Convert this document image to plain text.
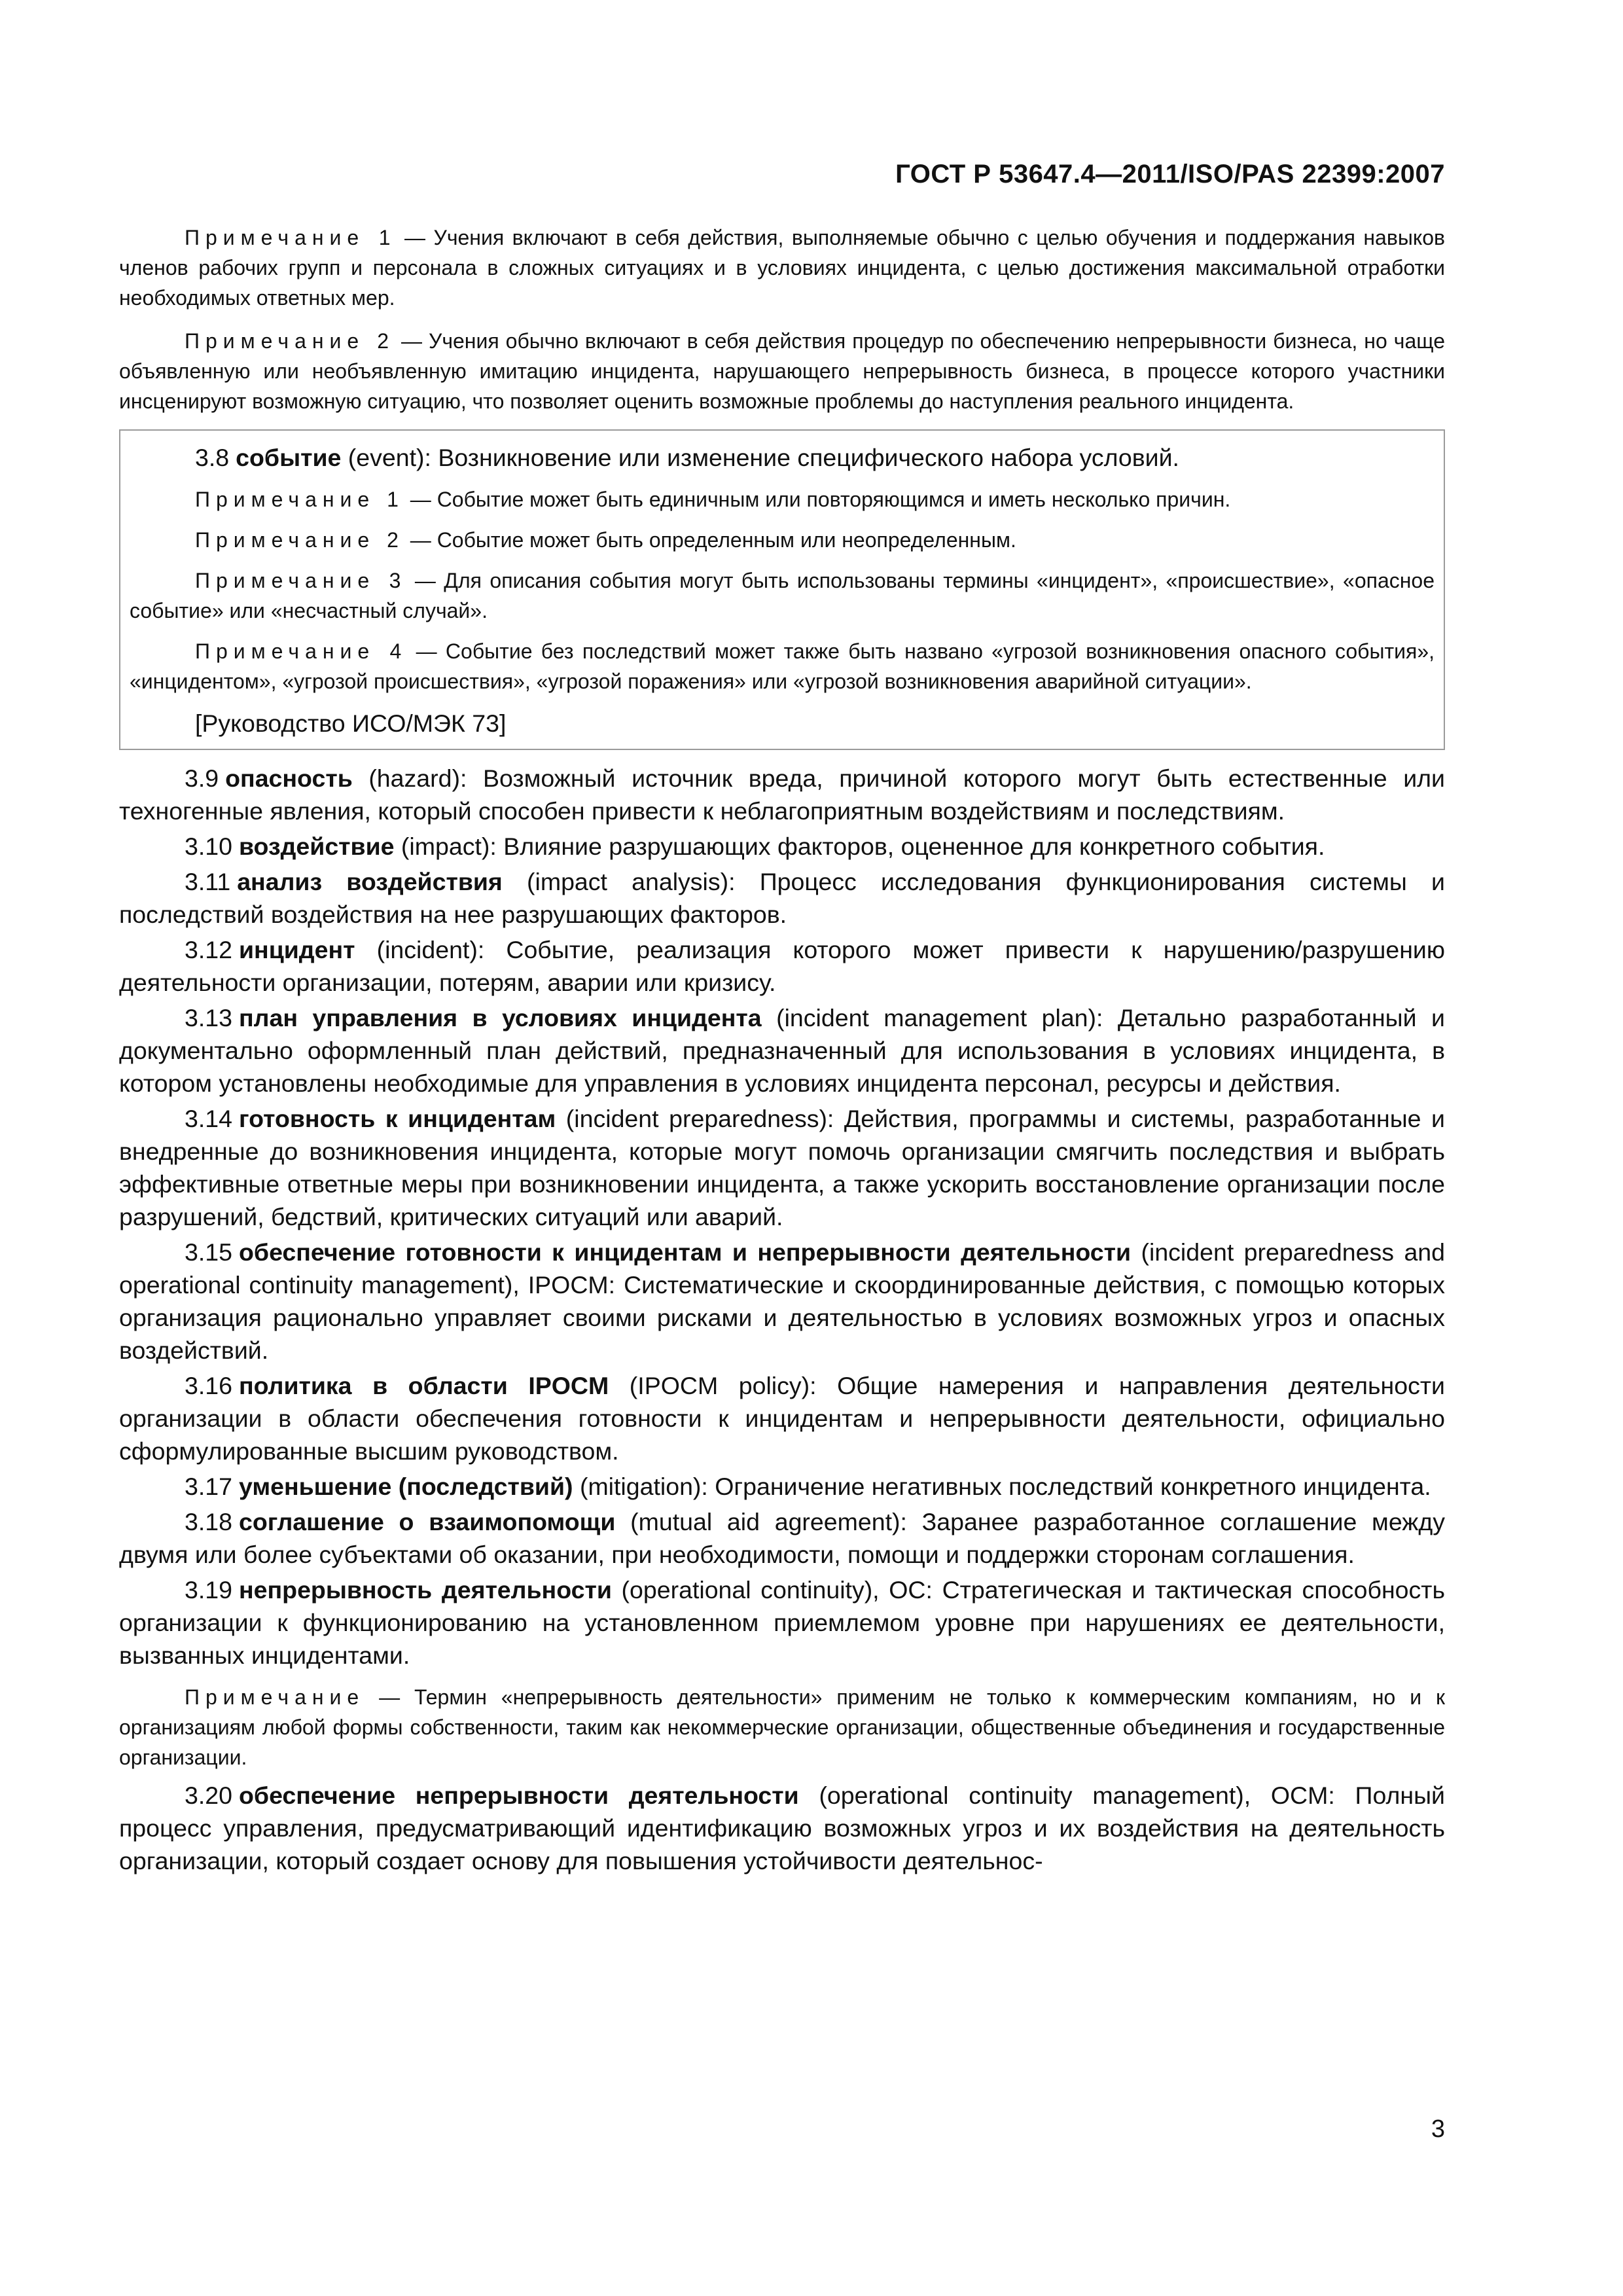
ГОСТ Р 53647.4—2011/ISO/PAS 22399:2007

Примечание 1 — Учения включают в себя действия, выполняемые обычно с целью обучения и поддержания навыков членов рабочих групп и персонала в сложных ситуациях и в условиях инцидента, с целью достижения максимальной отработки необходимых ответных мер.

Примечание 2 — Учения обычно включают в себя действия процедур по обеспечению непрерывности бизнеса, но чаще объявленную или необъявленную имитацию инцидента, нарушающего непрерывность бизнеса, в процессе которого участники инсценируют возможную ситуацию, что позволяет оценить возможные проблемы до наступления реального инцидента.

3.8 событие (event): Возникновение или изменение специфического набора условий.

Примечание 1 — Событие может быть единичным или повторяющимся и иметь несколько причин.

Примечание 2 — Событие может быть определенным или неопределенным.

Примечание 3 — Для описания события могут быть использованы термины «инцидент», «происшествие», «опасное событие» или «несчастный случай».

Примечание 4 — Событие без последствий может также быть названо «угрозой возникновения опасного события», «инцидентом», «угрозой происшествия», «угрозой поражения» или «угрозой возникновения аварийной ситуации».

[Руководство ИСО/МЭК 73]

3.9 опасность (hazard): Возможный источник вреда, причиной которого могут быть естественные или техногенные явления, который способен привести к неблагоприятным воздействиям и последствиям.

3.10 воздействие (impact): Влияние разрушающих факторов, оцененное для конкретного события.

3.11 анализ воздействия (impact analysis): Процесс исследования функционирования системы и последствий воздействия на нее разрушающих факторов.

3.12 инцидент (incident): Событие, реализация которого может привести к нарушению/разрушению деятельности организации, потерям, аварии или кризису.

3.13 план управления в условиях инцидента (incident management plan): Детально разработанный и документально оформленный план действий, предназначенный для использования в условиях инцидента, в котором установлены необходимые для управления в условиях инцидента персонал, ресурсы и действия.

3.14 готовность к инцидентам (incident preparedness): Действия, программы и системы, разработанные и внедренные до возникновения инцидента, которые могут помочь организации смягчить последствия и выбрать эффективные ответные меры при возникновении инцидента, а также ускорить восстановление организации после разрушений, бедствий, критических ситуаций или аварий.

3.15 обеспечение готовности к инцидентам и непрерывности деятельности (incident preparedness and operational continuity management), IPOCM: Систематические и скоординированные действия, с помощью которых организация рационально управляет своими рисками и деятельностью в условиях возможных угроз и опасных воздействий.

3.16 политика в области IPOCM (IPOCM policy): Общие намерения и направления деятельности организации в области обеспечения готовности к инцидентам и непрерывности деятельности, официально сформулированные высшим руководством.

3.17 уменьшение (последствий) (mitigation): Ограничение негативных последствий конкретного инцидента.

3.18 соглашение о взаимопомощи (mutual aid agreement): Заранее разработанное соглашение между двумя или более субъектами об оказании, при необходимости, помощи и поддержки сторонам соглашения.

3.19 непрерывность деятельности (operational continuity), OC: Стратегическая и тактическая способность организации к функционированию на установленном приемлемом уровне при нарушениях ее деятельности, вызванных инцидентами.

Примечание — Термин «непрерывность деятельности» применим не только к коммерческим компаниям, но и к организациям любой формы собственности, таким как некоммерческие организации, общественные объединения и государственные организации.

3.20 обеспечение непрерывности деятельности (operational continuity management), OCM: Полный процесс управления, предусматривающий идентификацию возможных угроз и их воздействия на деятельность организации, который создает основу для повышения устойчивости деятельнос-

3
